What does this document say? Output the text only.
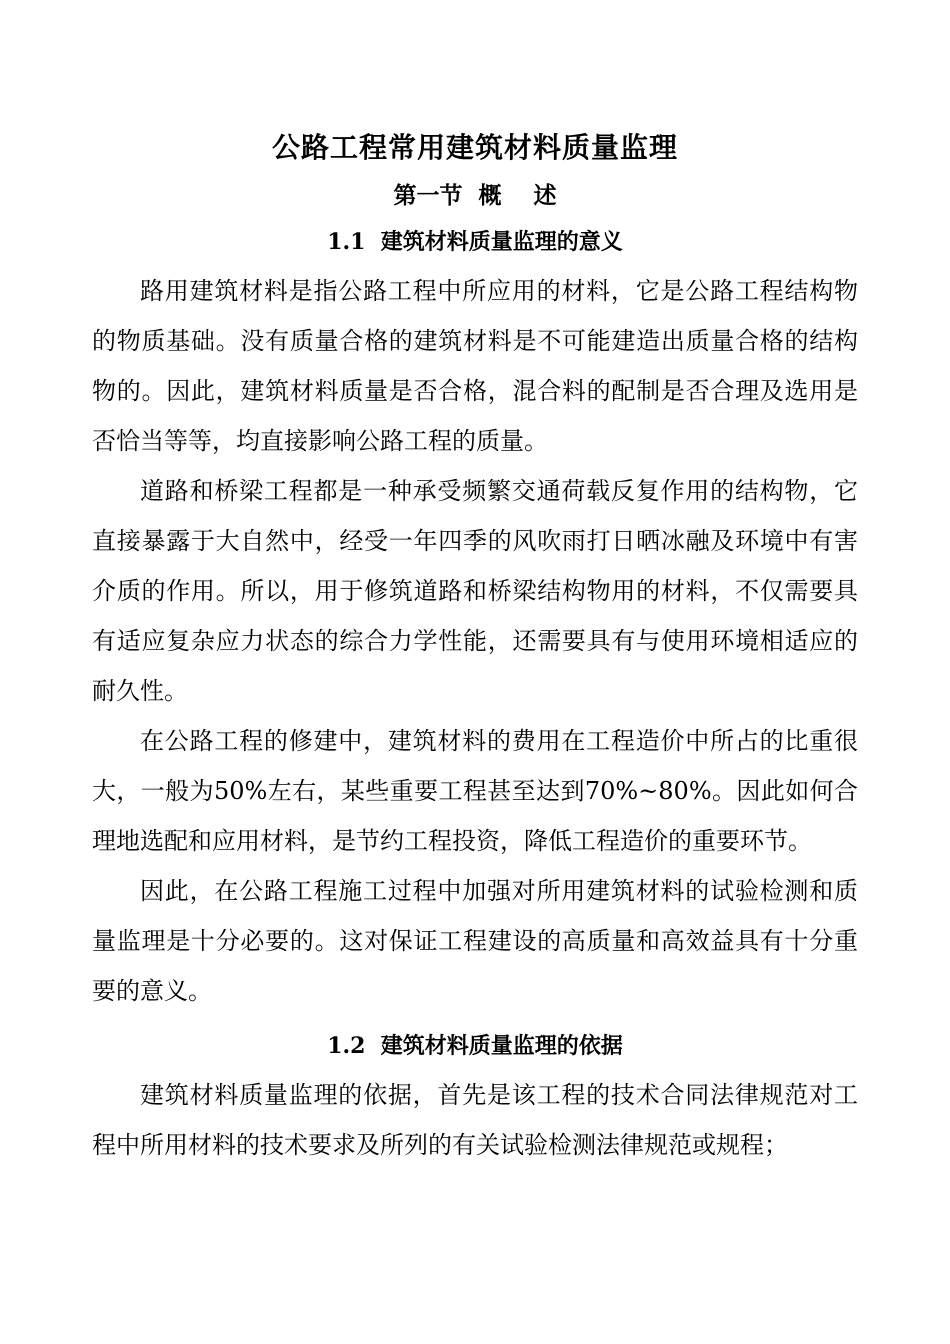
公路工程常用建筑材料质量监理
第一节  概    述
1.1  建筑材料质量监理的意义

路用建筑材料是指公路工程中所应用的材料，它是公路工程结构物的物质基础。没有质量合格的建筑材料是不可能建造出质量合格的结构物的。因此，建筑材料质量是否合格，混合料的配制是否合理及选用是否恰当等等，均直接影响公路工程的质量。

道路和桥梁工程都是一种承受频繁交通荷载反复作用的结构物，它直接暴露于大自然中，经受一年四季的风吹雨打日晒冰融及环境中有害介质的作用。所以，用于修筑道路和桥梁结构物用的材料，不仅需要具有适应复杂应力状态的综合力学性能，还需要具有与使用环境相适应的耐久性。

在公路工程的修建中，建筑材料的费用在工程造价中所占的比重很大，一般为50%左右，某些重要工程甚至达到70%~80%。因此如何合理地选配和应用材料，是节约工程投资，降低工程造价的重要环节。

因此，在公路工程施工过程中加强对所用建筑材料的试验检测和质量监理是十分必要的。这对保证工程建设的高质量和高效益具有十分重要的意义。

1.2  建筑材料质量监理的依据

建筑材料质量监理的依据，首先是该工程的技术合同法律规范对工程中所用材料的技术要求及所列的有关试验检测法律规范或规程；
